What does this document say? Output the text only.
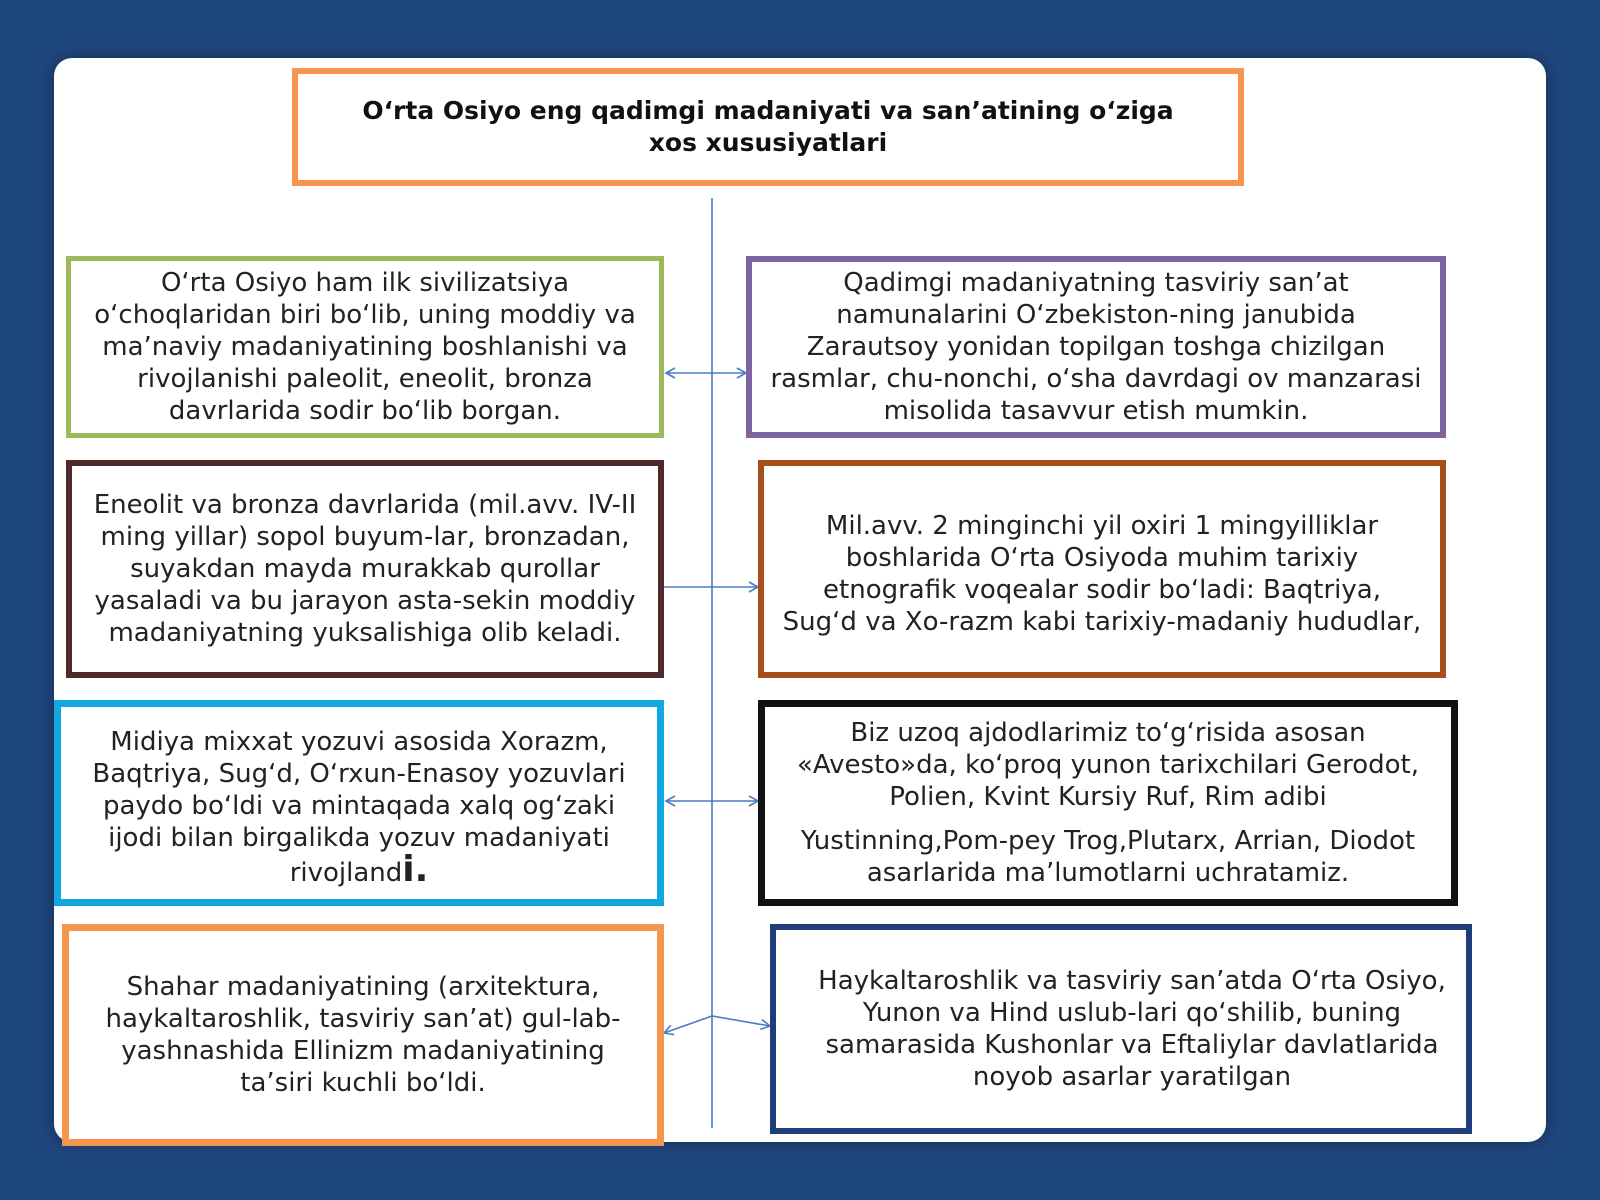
O‘rta Osiyo eng qadimgi madaniyati va san’atining o‘ziga xos xususiyatlari
O‘rta Osiyo ham ilk sivilizatsiya o‘choqlaridan biri bo‘lib, uning moddiy va ma’naviy madaniyatining boshlanishi va rivojlanishi paleolit, eneolit, bronza davrlarida sodir bo‘lib borgan.
Qadimgi madaniyatning tasviriy san’at namunalarini O‘zbekiston-ning janubida Zarautsoy yonidan topilgan toshga chizilgan rasmlar, chu-nonchi, o‘sha davrdagi ov manzarasi misolida tasavvur etish mumkin.
Eneolit va bronza davrlarida (mil.avv. IV-II ming yillar) sopol buyum-lar, bronzadan, suyakdan mayda murakkab qurollar yasaladi va bu jarayon asta-sekin moddiy madaniyatning yuksalishiga olib keladi.
Mil.avv. 2 minginchi yil oxiri 1 mingyilliklar boshlarida O‘rta Osiyoda muhim tarixiy etnografik voqealar sodir bo‘ladi: Baqtriya, Sug‘d va Xo-razm kabi tarixiy-madaniy hududlar,
Midiya mixxat yozuvi asosida Xorazm, Baqtriya, Sug‘d, O‘rxun-Enasoy yozuvlari paydo bo‘ldi va mintaqada xalq og‘zaki ijodi bilan birgalikda yozuv madaniyati rivojlandi.
Biz uzoq ajdodlarimiz to‘g‘risida asosan «Avesto»da, ko‘proq yunon tarixchilari Gerodot, Polien, Kvint Kursiy Ruf, Rim adibi Yustinning,Pom-pey Trog,Plutarx, Arrian, Diodot asarlarida ma’lumotlarni uchratamiz.
Shahar madaniyatining (arxitektura, haykaltaroshlik, tasviriy san’at) gul-lab-yashnashida Ellinizm madaniyatining ta’siri kuchli bo‘ldi.
Haykaltaroshlik va tasviriy san’atda O‘rta Osiyo, Yunon va Hind uslub-lari qo‘shilib, buning samarasida Kushonlar va Eftaliylar davlatlarida noyob asarlar yaratilgan
